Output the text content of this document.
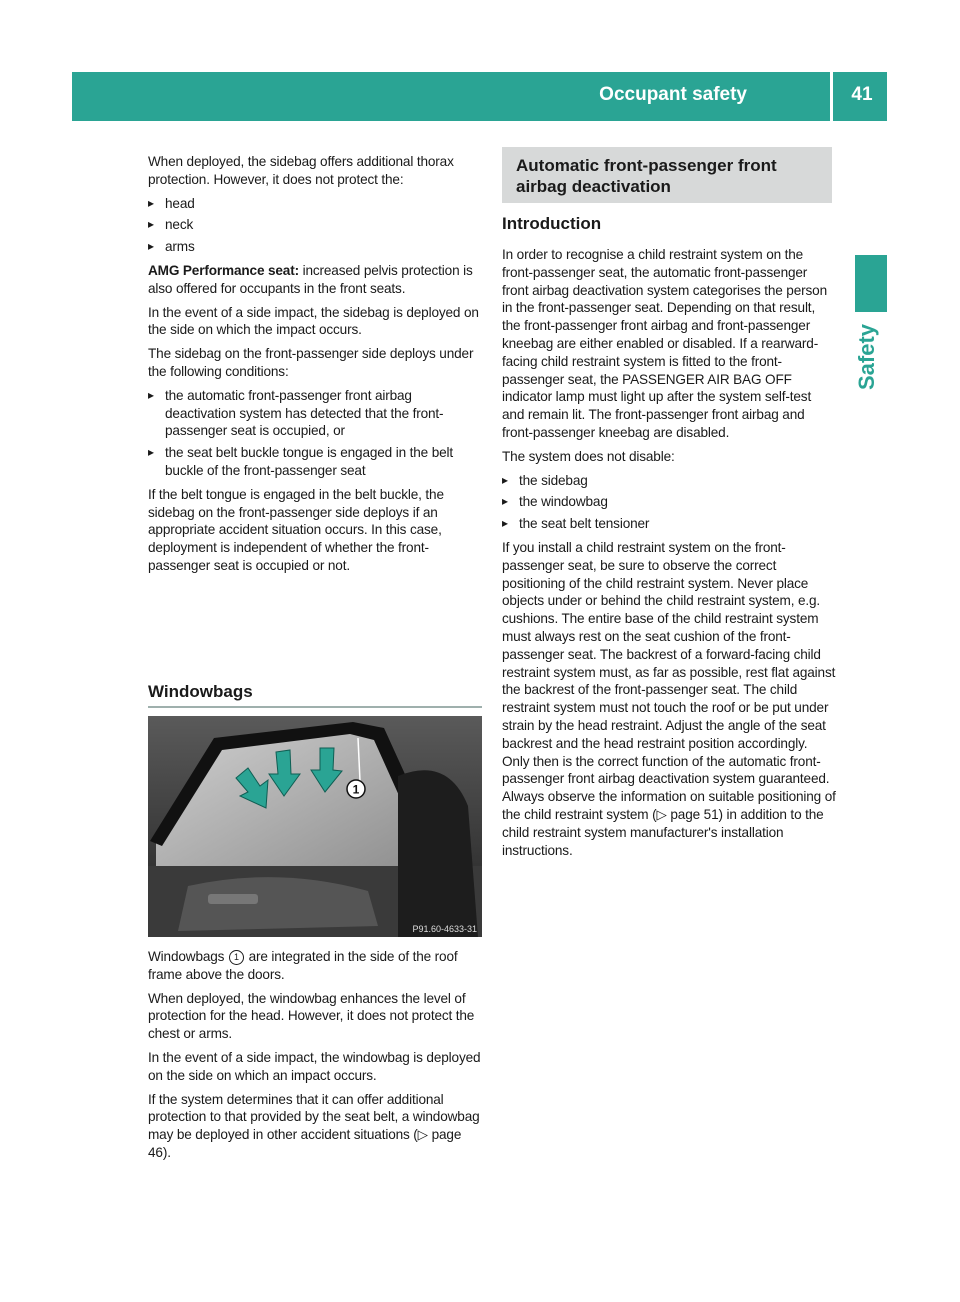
Occupant safety	41
Safety

When deployed, the sidebag offers additional thorax protection. However, it does not protect the:

▸ head
▸ neck
▸ arms

AMG Performance seat: increased pelvis protection is also offered for occupants in the front seats.

In the event of a side impact, the sidebag is deployed on the side on which the impact occurs.

The sidebag on the front-passenger side deploys under the following conditions:

▸ the automatic front-passenger front airbag deactivation system has detected that the front-passenger seat is occupied, or
▸ the seat belt buckle tongue is engaged in the belt buckle of the front-passenger seat

If the belt tongue is engaged in the belt buckle, the sidebag on the front-passenger side deploys if an appropriate accident situation occurs. In this case, deployment is independent of whether the front-passenger seat is occupied or not.

Windowbags
1
P91.60-4633-31

Windowbags 1 are integrated in the side of the roof frame above the doors.

When deployed, the windowbag enhances the level of protection for the head. However, it does not protect the chest or arms.

In the event of a side impact, the windowbag is deployed on the side on which an impact occurs.

If the system determines that it can offer additional protection to that provided by the seat belt, a windowbag may be deployed in other accident situations (▷ page 46).

Automatic front-passenger front airbag deactivation
Introduction

In order to recognise a child restraint system on the front-passenger seat, the automatic front-passenger front airbag deactivation system categorises the person in the front-passenger seat. Depending on that result, the front-passenger front airbag and front-passenger kneebag are either enabled or disabled. If a rearward-facing child restraint system is fitted to the front-passenger seat, the PASSENGER AIR BAG OFF indicator lamp must light up after the system self-test and remain lit. The front-passenger front airbag and front-passenger kneebag are disabled.

The system does not disable:

▸ the sidebag
▸ the windowbag
▸ the seat belt tensioner

If you install a child restraint system on the front-passenger seat, be sure to observe the correct positioning of the child restraint system. Never place objects under or behind the child restraint system, e.g. cushions. The entire base of the child restraint system must always rest on the seat cushion of the front-passenger seat. The backrest of a forward-facing child restraint system must, as far as possible, rest flat against the backrest of the front-passenger seat. The child restraint system must not touch the roof or be put under strain by the head restraint. Adjust the angle of the seat backrest and the head restraint position accordingly. Only then is the correct function of the automatic front-passenger front airbag deactivation system guaranteed. Always observe the information on suitable positioning of the child restraint system (▷ page 51) in addition to the child restraint system manufacturer's installation instructions.
